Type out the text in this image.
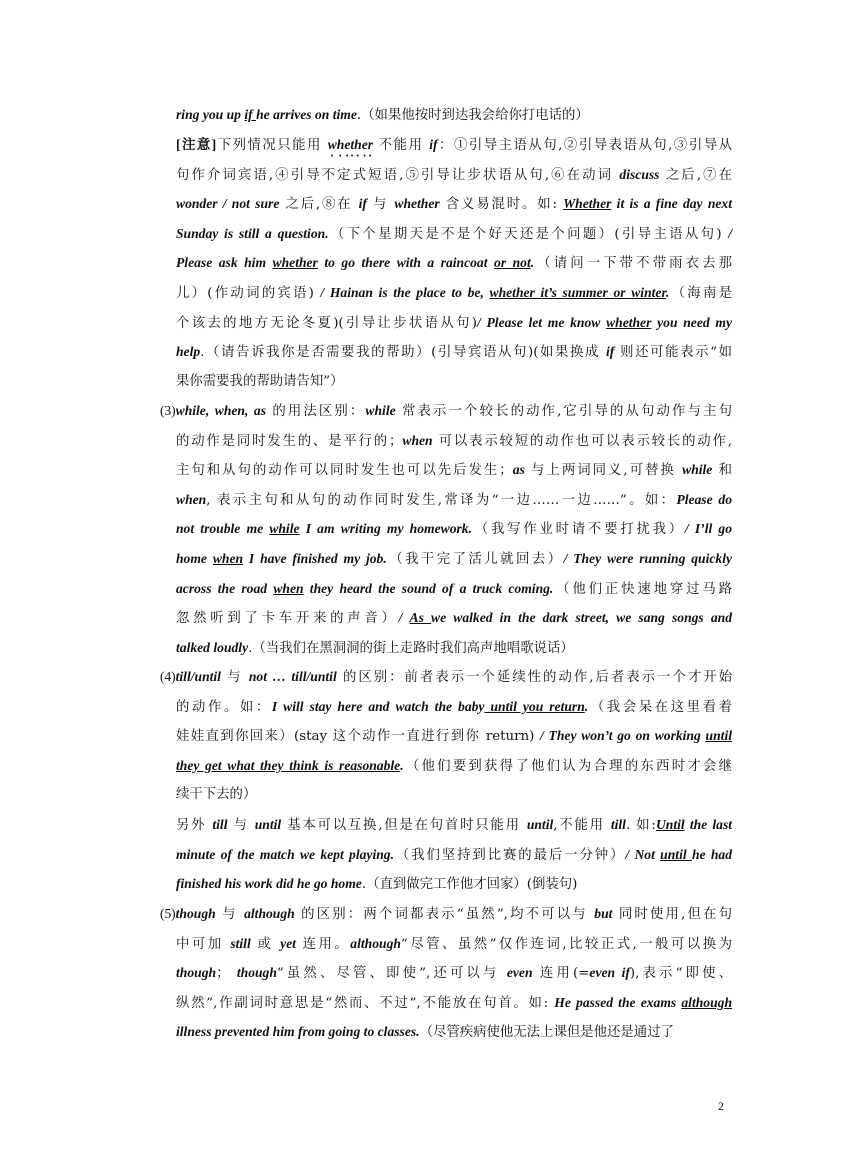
ring you up if he arrives on time.（如果他按时到达我会给你打电话的）
[注意]下列情况只能用 whether 不能用 if：①引导主语从句,②引导表语从句,③引导从
句作介词宾语,④引导不定式短语,⑤引导让步状语从句,⑥在动词 discuss 之后,⑦在
wonder / not sure 之后,⑧在 if 与 whether 含义易混时。如: Whether it is a fine day next
Sunday is still a question.（下个星期天是不是个好天还是个问题）(引导主语从句) /
Please ask him whether to go there with a raincoat or not.（请问一下带不带雨衣去那
儿）(作动词的宾语) / Hainan is the place to be, whether it’s summer or winter.（海南是
个该去的地方无论冬夏)(引导让步状语从句)/ Please let me know whether you need my
help.（请告诉我你是否需要我的帮助）(引导宾语从句)(如果换成 if 则还可能表示“如
果你需要我的帮助请告知”）
(3)while, when, as 的用法区别：while 常表示一个较长的动作,它引导的从句动作与主句
的动作是同时发生的、是平行的；when 可以表示较短的动作也可以表示较长的动作,
主句和从句的动作可以同时发生也可以先后发生；as 与上两词同义,可替换 while 和
when, 表示主句和从句的动作同时发生,常译为“一边……一边……”。如：Please do
not trouble me while I am writing my homework.（我写作业时请不要打扰我）/ I’ll go
home when I have finished my job.（我干完了活儿就回去）/ They were running quickly
across the road when they heard the sound of a truck coming.（他们正快速地穿过马路
忽然听到了卡车开来的声音）/ As we walked in the dark street, we sang songs and
talked loudly.（当我们在黑洞洞的街上走路时我们高声地唱歌说话）
(4)till/until 与 not … till/until 的区别：前者表示一个延续性的动作,后者表示一个才开始
的动作。如：I will stay here and watch the baby until you return.（我会呆在这里看着
娃娃直到你回来）(stay 这个动作一直进行到你 return) / They won’t go on working until
they get what they think is reasonable.（他们要到获得了他们认为合理的东西时才会继
续干下去的）
另外 till 与 until 基本可以互换,但是在句首时只能用 until,不能用 till. 如:Until the last
minute of the match we kept playing.（我们坚持到比赛的最后一分钟）/ Not until he had
finished his work did he go home.（直到做完工作他才回家）(倒装句)
(5)though 与 although 的区别：两个词都表示“虽然”,均不可以与 but 同时使用,但在句
中可加 still 或 yet 连用。although“尽管、虽然”仅作连词,比较正式,一般可以换为
though； though“虽然、尽管、即使”,还可以与 even 连用(=even if),表示“即使、
纵然”,作副词时意思是“然而、不过”,不能放在句首。如: He passed the exams although
illness prevented him from going to classes.（尽管疾病使他无法上课但是他还是通过了
2
